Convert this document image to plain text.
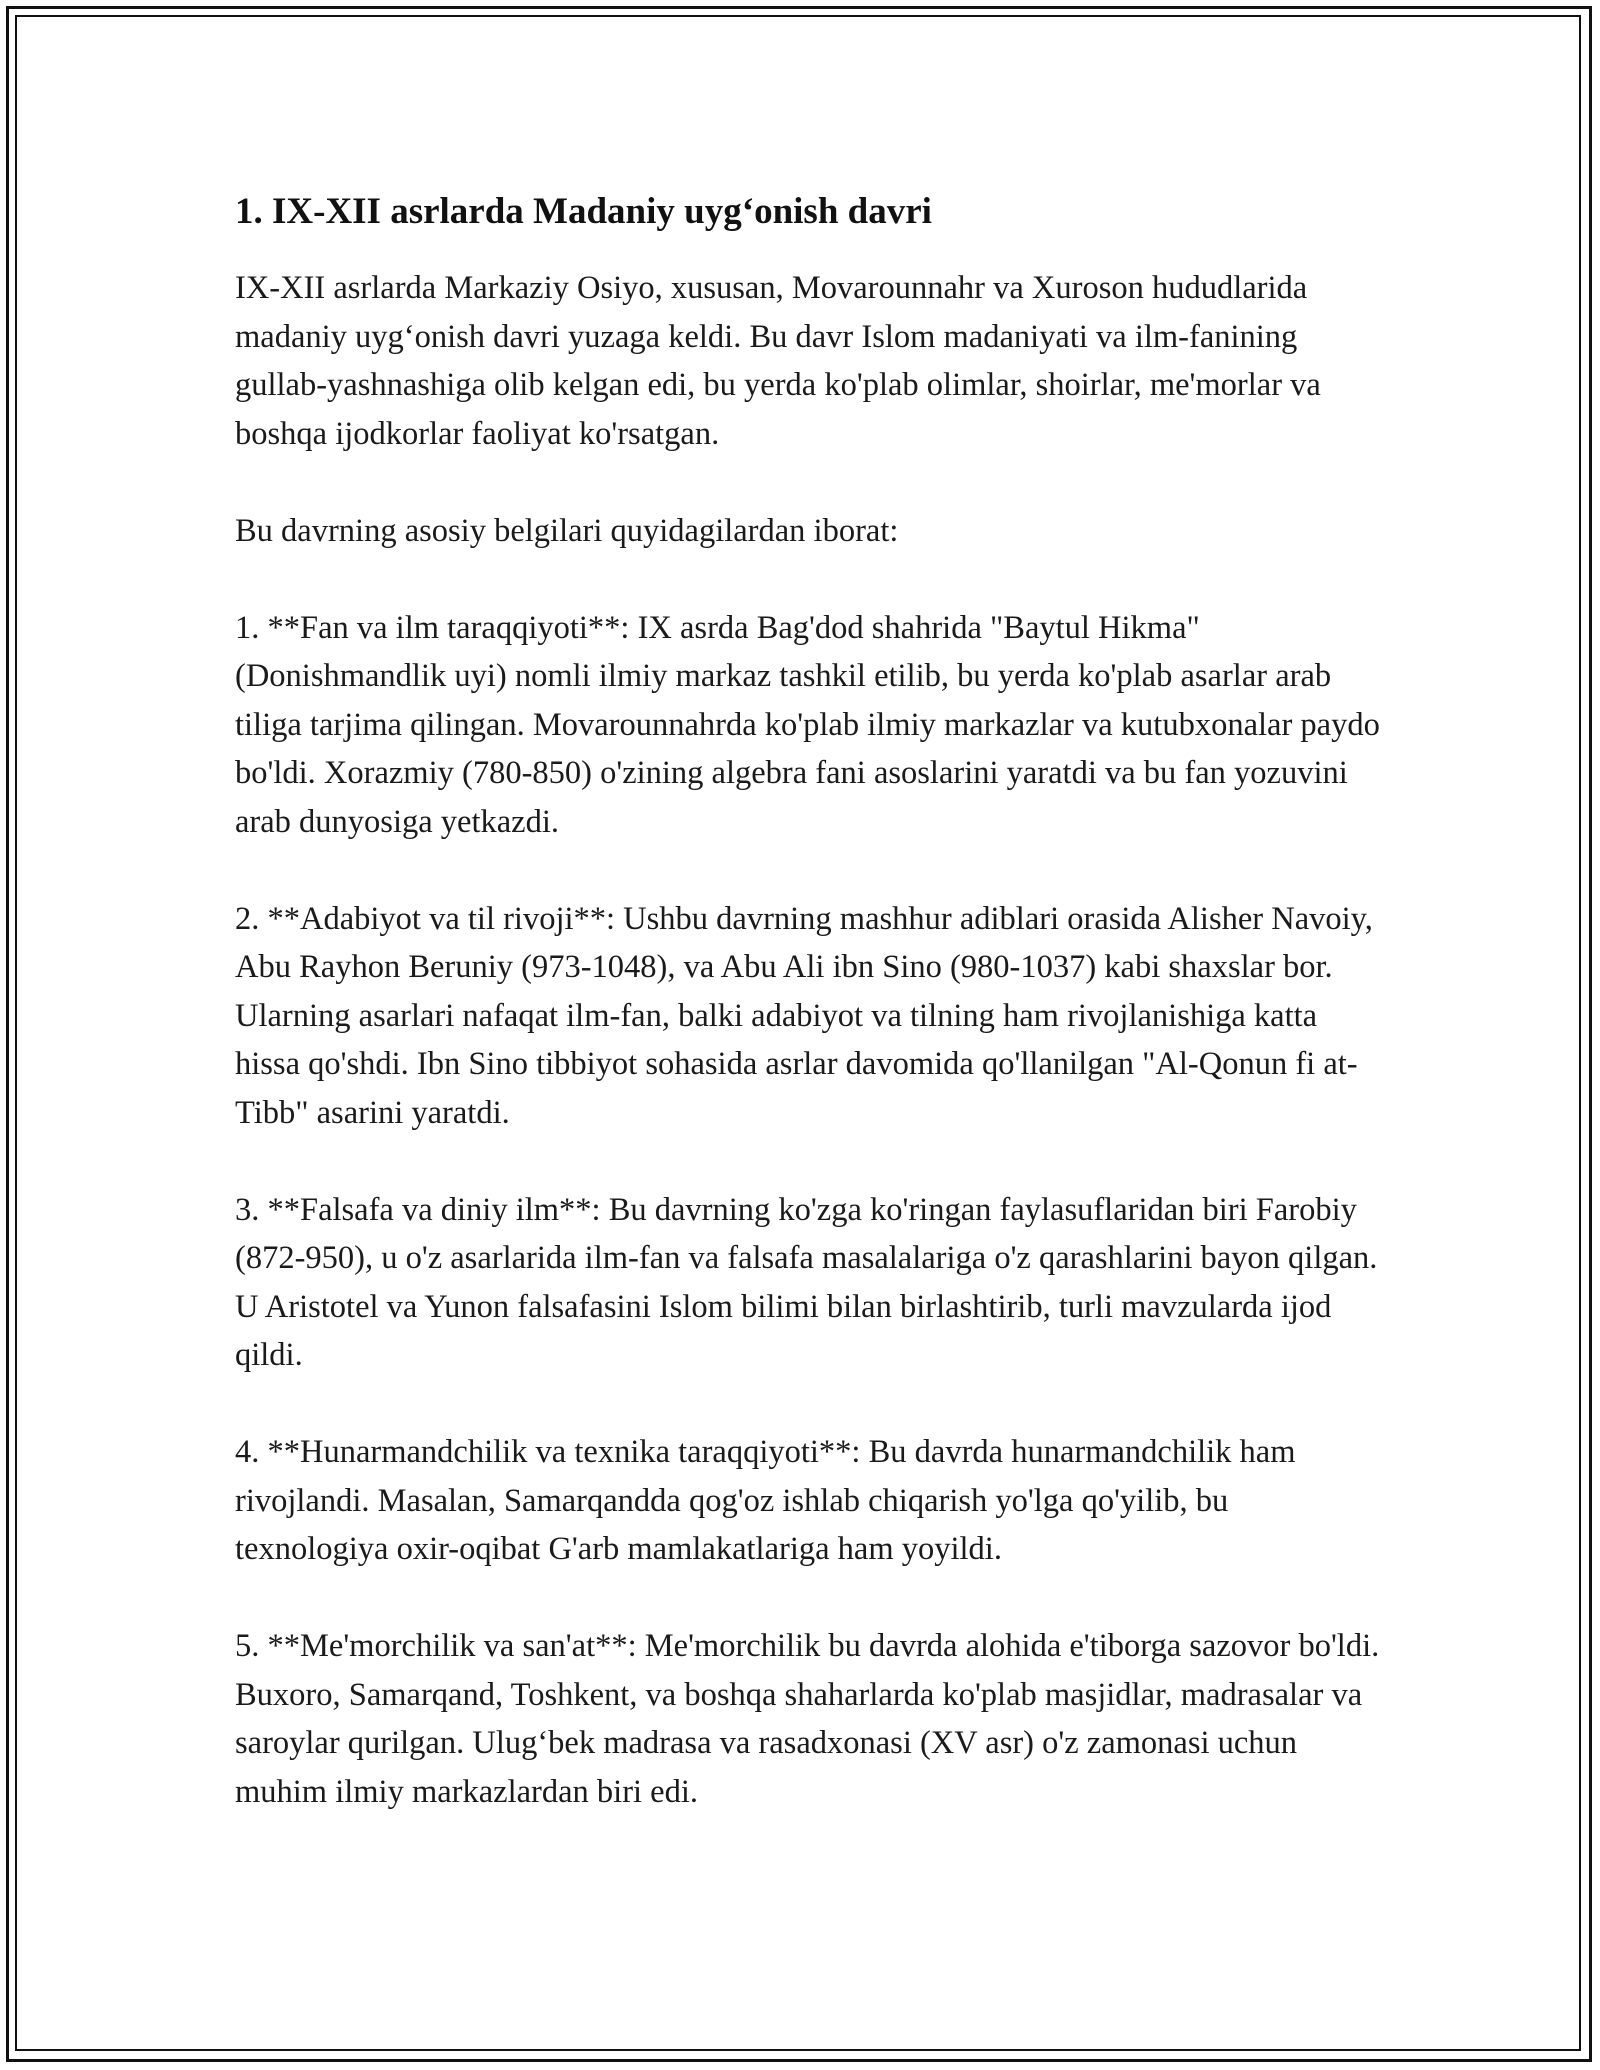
1. IX-XII asrlarda Madaniy uyg‘onish davri

IX-XII asrlarda Markaziy Osiyo, xususan, Movarounnahr va Xuroson hududlarida madaniy uyg‘onish davri yuzaga keldi. Bu davr Islom madaniyati va ilm-fanining gullab-yashnashiga olib kelgan edi, bu yerda ko'plab olimlar, shoirlar, me'morlar va boshqa ijodkorlar faoliyat ko'rsatgan.

Bu davrning asosiy belgilari quyidagilardan iborat:

1. **Fan va ilm taraqqiyoti**: IX asrda Bag'dod shahrida "Baytul Hikma" (Donishmandlik uyi) nomli ilmiy markaz tashkil etilib, bu yerda ko'plab asarlar arab tiliga tarjima qilingan. Movarounnahrda ko'plab ilmiy markazlar va kutubxonalar paydo bo'ldi. Xorazmiy (780-850) o'zining algebra fani asoslarini yaratdi va bu fan yozuvini arab dunyosiga yetkazdi.

2. **Adabiyot va til rivoji**: Ushbu davrning mashhur adiblari orasida Alisher Navoiy, Abu Rayhon Beruniy (973-1048), va Abu Ali ibn Sino (980-1037) kabi shaxslar bor. Ularning asarlari nafaqat ilm-fan, balki adabiyot va tilning ham rivojlanishiga katta hissa qo'shdi. Ibn Sino tibbiyot sohasida asrlar davomida qo'llanilgan "Al-Qonun fi at-Tibb" asarini yaratdi.

3. **Falsafa va diniy ilm**: Bu davrning ko'zga ko'ringan faylasuflaridan biri Farobiy (872-950), u o'z asarlarida ilm-fan va falsafa masalalariga o'z qarashlarini bayon qilgan. U Aristotel va Yunon falsafasini Islom bilimi bilan birlashtirib, turli mavzularda ijod qildi.

4. **Hunarmandchilik va texnika taraqqiyoti**: Bu davrda hunarmandchilik ham rivojlandi. Masalan, Samarqandda qog'oz ishlab chiqarish yo'lga qo'yilib, bu texnologiya oxir-oqibat G'arb mamlakatlariga ham yoyildi.

5. **Me'morchilik va san'at**: Me'morchilik bu davrda alohida e'tiborga sazovor bo'ldi. Buxoro, Samarqand, Toshkent, va boshqa shaharlarda ko'plab masjidlar, madrasalar va saroylar qurilgan. Ulug‘bek madrasa va rasadxonasi (XV asr) o'z zamonasi uchun muhim ilmiy markazlardan biri edi.
